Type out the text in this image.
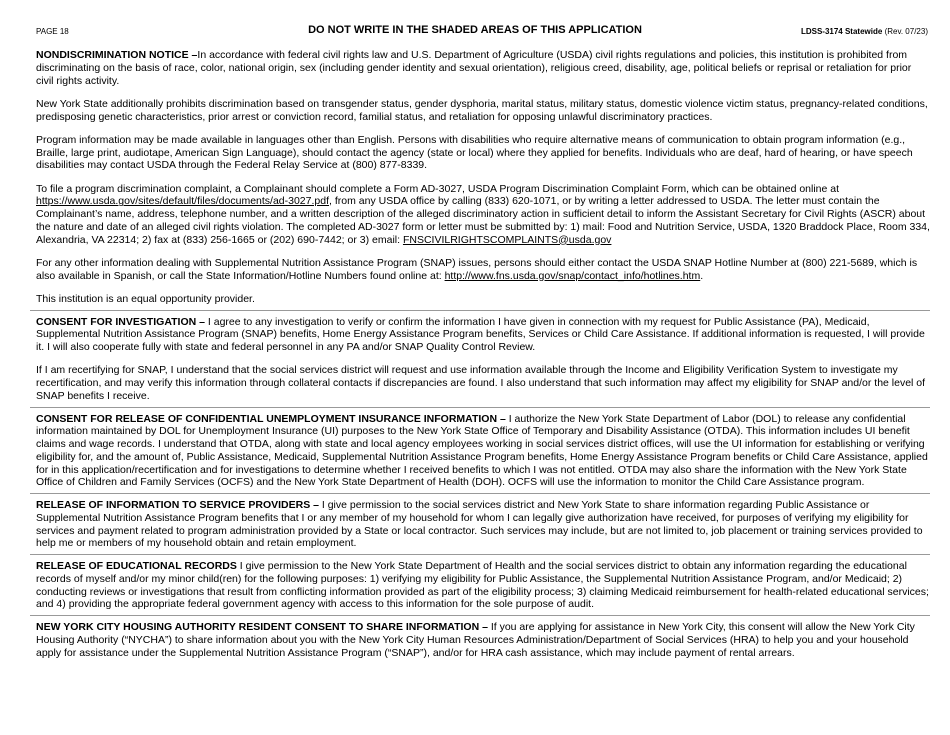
PAGE 18	DO NOT WRITE IN THE SHADED AREAS OF THIS APPLICATION	LDSS-3174 Statewide (Rev. 07/23)

NONDISCRIMINATION NOTICE –In accordance with federal civil rights law and U.S. Department of Agriculture (USDA) civil rights regulations and policies, this institution is prohibited from discriminating on the basis of race, color, national origin, sex (including gender identity and sexual orientation), religious creed, disability, age, political beliefs or reprisal or retaliation for prior civil rights activity.

New York State additionally prohibits discrimination based on transgender status, gender dysphoria, marital status, military status, domestic violence victim status, pregnancy-related conditions, predisposing genetic characteristics, prior arrest or conviction record, familial status, and retaliation for opposing unlawful discriminatory practices.

Program information may be made available in languages other than English. Persons with disabilities who require alternative means of communication to obtain program information (e.g., Braille, large print, audiotape, American Sign Language), should contact the agency (state or local) where they applied for benefits. Individuals who are deaf, hard of hearing, or have speech disabilities may contact USDA through the Federal Relay Service at (800) 877-8339.

To file a program discrimination complaint, a Complainant should complete a Form AD-3027, USDA Program Discrimination Complaint Form, which can be obtained online at https://www.usda.gov/sites/default/files/documents/ad-3027.pdf, from any USDA office by calling (833) 620-1071, or by writing a letter addressed to USDA. The letter must contain the Complainant’s name, address, telephone number, and a written description of the alleged discriminatory action in sufficient detail to inform the Assistant Secretary for Civil Rights (ASCR) about the nature and date of an alleged civil rights violation. The completed AD-3027 form or letter must be submitted by: 1) mail: Food and Nutrition Service, USDA, 1320 Braddock Place, Room 334, Alexandria, VA 22314; 2) fax at (833) 256-1665 or (202) 690-7442; or 3) email: FNSCIVILRIGHTSCOMPLAINTS@usda.gov

For any other information dealing with Supplemental Nutrition Assistance Program (SNAP) issues, persons should either contact the USDA SNAP Hotline Number at (800) 221-5689, which is also available in Spanish, or call the State Information/Hotline Numbers found online at: http://www.fns.usda.gov/snap/contact_info/hotlines.htm.

This institution is an equal opportunity provider.

CONSENT FOR INVESTIGATION – I agree to any investigation to verify or confirm the information I have given in connection with my request for Public Assistance (PA), Medicaid, Supplemental Nutrition Assistance Program (SNAP) benefits, Home Energy Assistance Program benefits, Services or Child Care Assistance. If additional information is requested, I will provide it. I will also cooperate fully with state and federal personnel in any PA and/or SNAP Quality Control Review.

If I am recertifying for SNAP, I understand that the social services district will request and use information available through the Income and Eligibility Verification System to investigate my recertification, and may verify this information through collateral contacts if discrepancies are found. I also understand that such information may affect my eligibility for SNAP and/or the level of SNAP benefits I receive.

CONSENT FOR RELEASE OF CONFIDENTIAL UNEMPLOYMENT INSURANCE INFORMATION – I authorize the New York State Department of Labor (DOL) to release any confidential information maintained by DOL for Unemployment Insurance (UI) purposes to the New York State Office of Temporary and Disability Assistance (OTDA). This information includes UI benefit claims and wage records. I understand that OTDA, along with state and local agency employees working in social services district offices, will use the UI information for establishing or verifying eligibility for, and the amount of, Public Assistance, Medicaid, Supplemental Nutrition Assistance Program benefits, Home Energy Assistance Program benefits or Child Care Assistance, applied for in this application/recertification and for investigations to determine whether I received benefits to which I was not entitled. OTDA may also share the information with the New York State Office of Children and Family Services (OCFS) and the New York State Department of Health (DOH). OCFS will use the information to monitor the Child Care Assistance program.

RELEASE OF INFORMATION TO SERVICE PROVIDERS – I give permission to the social services district and New York State to share information regarding Public Assistance or Supplemental Nutrition Assistance Program benefits that I or any member of my household for whom I can legally give authorization have received, for purposes of verifying my eligibility for services and payment related to program administration provided by a State or local contractor. Such services may include, but are not limited to, job placement or training services provided to help me or members of my household obtain and retain employment.

RELEASE OF EDUCATIONAL RECORDS I give permission to the New York State Department of Health and the social services district to obtain any information regarding the educational records of myself and/or my minor child(ren) for the following purposes: 1) verifying my eligibility for Public Assistance, the Supplemental Nutrition Assistance Program, and/or Medicaid; 2) conducting reviews or investigations that result from conflicting information provided as part of the eligibility process; 3) claiming Medicaid reimbursement for health-related educational services; and 4) providing the appropriate federal government agency with access to this information for the sole purpose of audit.

NEW YORK CITY HOUSING AUTHORITY RESIDENT CONSENT TO SHARE INFORMATION – If you are applying for assistance in New York City, this consent will allow the New York City Housing Authority (“NYCHA”) to share information about you with the New York City Human Resources Administration/Department of Social Services (HRA) to help you and your household apply for assistance under the Supplemental Nutrition Assistance Program (“SNAP”), and/or for HRA cash assistance, which may include payment of rental arrears.
